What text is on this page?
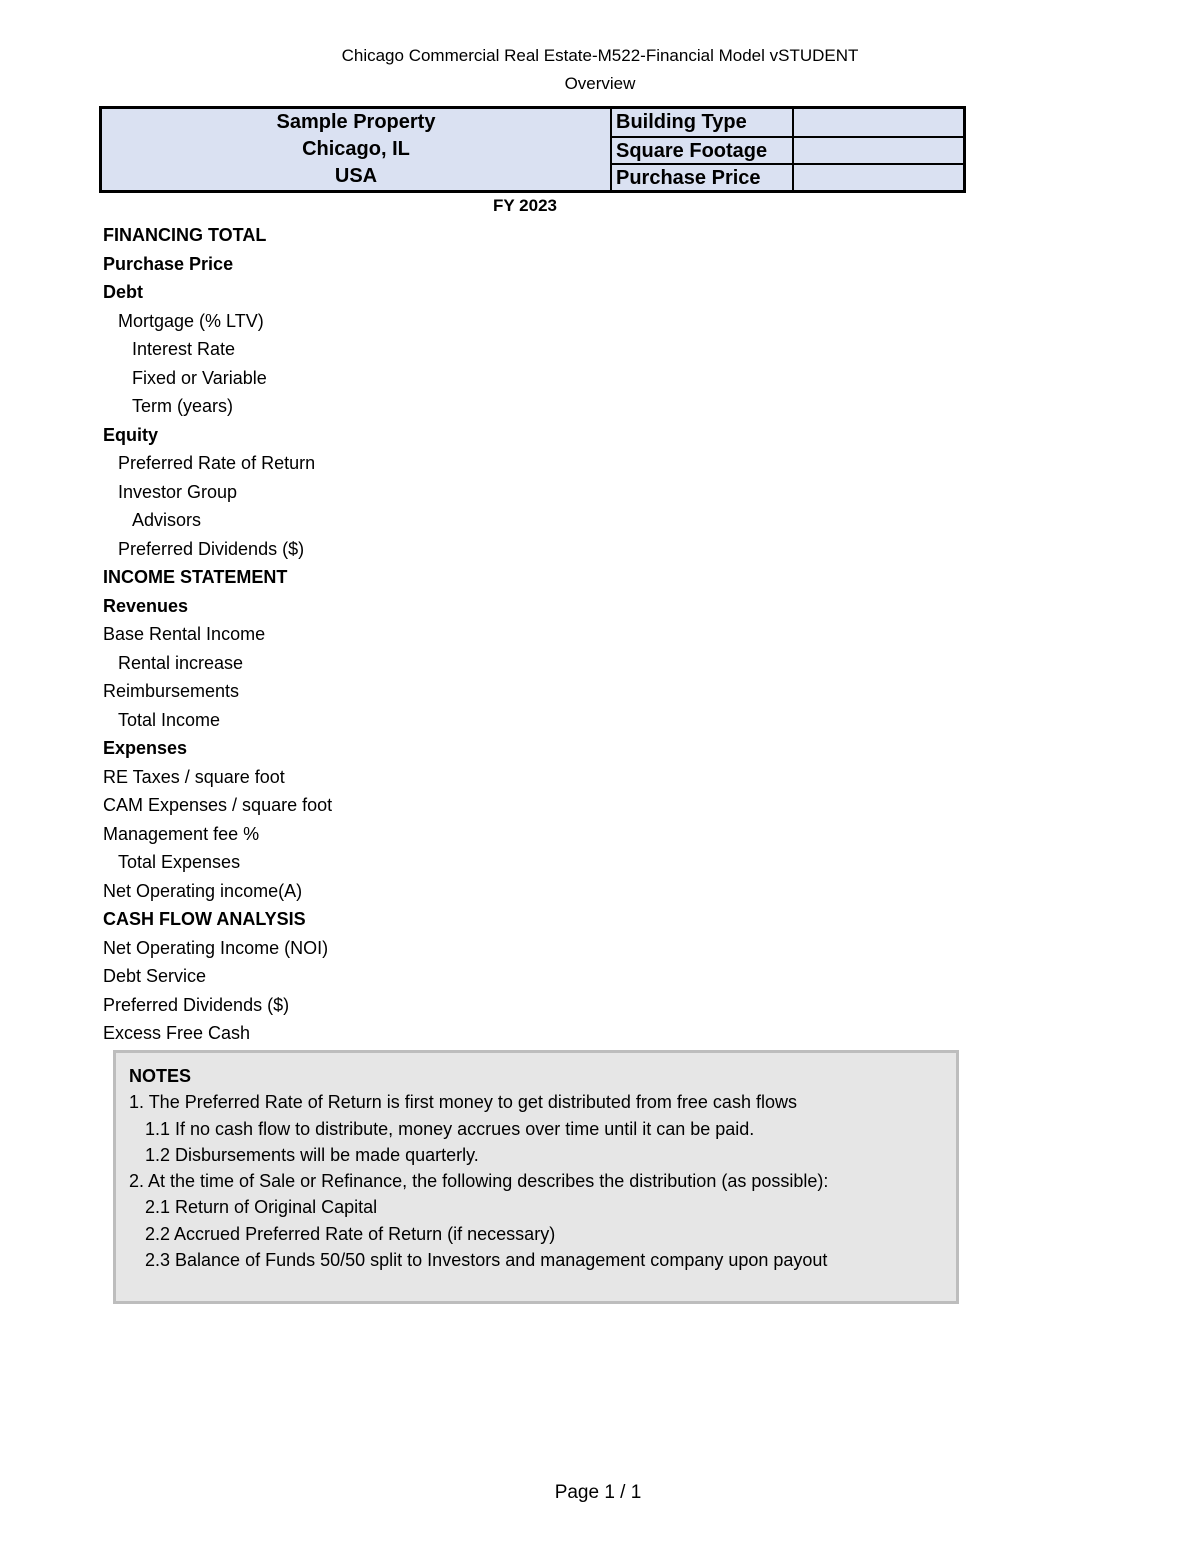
Chicago Commercial Real Estate-M522-Financial Model vSTUDENT
Overview
Sample Property
Chicago, IL
USA
Building Type
Square Footage
Purchase Price
FY 2023
FINANCING TOTAL
Purchase Price
Debt
Mortgage (% LTV)
Interest Rate
Fixed or Variable
Term (years)
Equity
Preferred Rate of Return
Investor Group
Advisors
Preferred Dividends ($)
INCOME STATEMENT
Revenues
Base Rental Income
Rental increase
Reimbursements
Total Income
Expenses
RE Taxes / square foot
CAM Expenses / square foot
Management fee %
Total Expenses
Net Operating income(A)
CASH FLOW ANALYSIS
Net Operating Income (NOI)
Debt Service
Preferred Dividends ($)
Excess Free Cash
NOTES
1. The Preferred Rate of Return is first money to get distributed from free cash flows
1.1 If no cash flow to distribute, money accrues over time until it can be paid.
1.2 Disbursements will be made quarterly.
2. At the time of Sale or Refinance, the following describes the distribution (as possible):
2.1 Return of Original Capital
2.2 Accrued Preferred Rate of Return (if necessary)
2.3 Balance of Funds 50/50 split to Investors and management company upon payout
Page 1 / 1
